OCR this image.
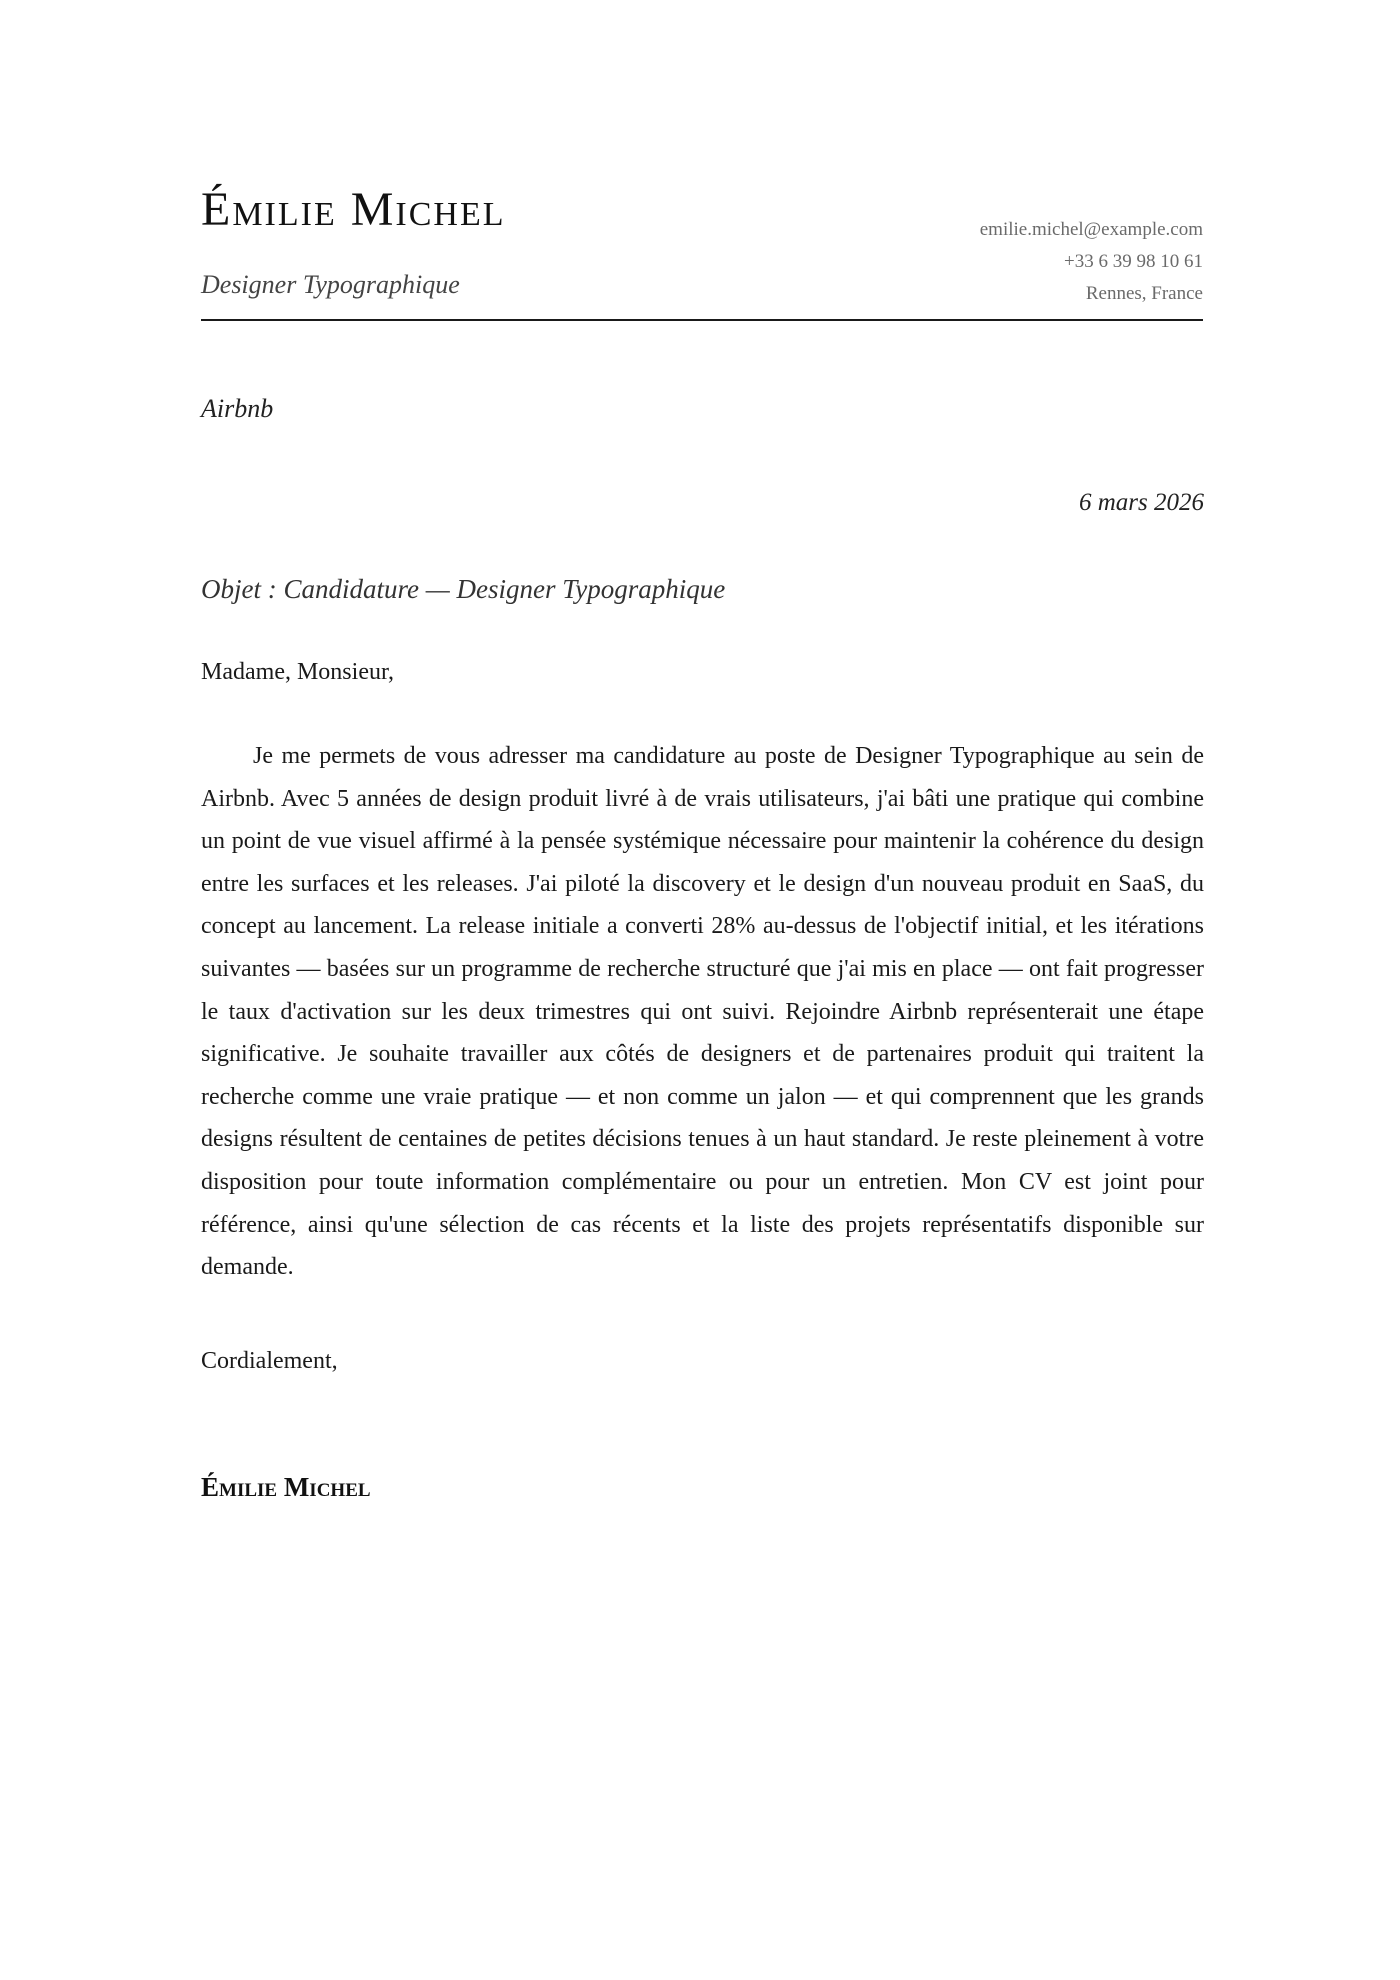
Émilie Michel
Designer Typographique
emilie.michel@example.com
+33 6 39 98 10 61
Rennes, France
Airbnb
6 mars 2026
Objet : Candidature — Designer Typographique
Madame, Monsieur,

Je me permets de vous adresser ma candidature au poste de Designer Typographique au sein de Airbnb. Avec 5 années de design produit livré à de vrais utilisateurs, j'ai bâti une pratique qui combine un point de vue visuel affirmé à la pensée systémique nécessaire pour maintenir la cohérence du design entre les surfaces et les releases. J'ai piloté la discovery et le design d'un nouveau produit en SaaS, du concept au lancement. La release initiale a converti 28% au-dessus de l'objectif initial, et les itérations suivantes — basées sur un programme de recherche structuré que j'ai mis en place — ont fait progresser le taux d'activation sur les deux trimestres qui ont suivi. Rejoindre Airbnb représenterait une étape significative. Je souhaite travailler aux côtés de designers et de partenaires produit qui traitent la recherche comme une vraie pratique — et non comme un jalon — et qui comprennent que les grands designs résultent de centaines de petites décisions tenues à un haut standard. Je reste pleinement à votre disposition pour toute information complémentaire ou pour un entretien. Mon CV est joint pour référence, ainsi qu'une sélection de cas récents et la liste des projets représentatifs disponible sur demande.

Cordialement,
Émilie Michel
